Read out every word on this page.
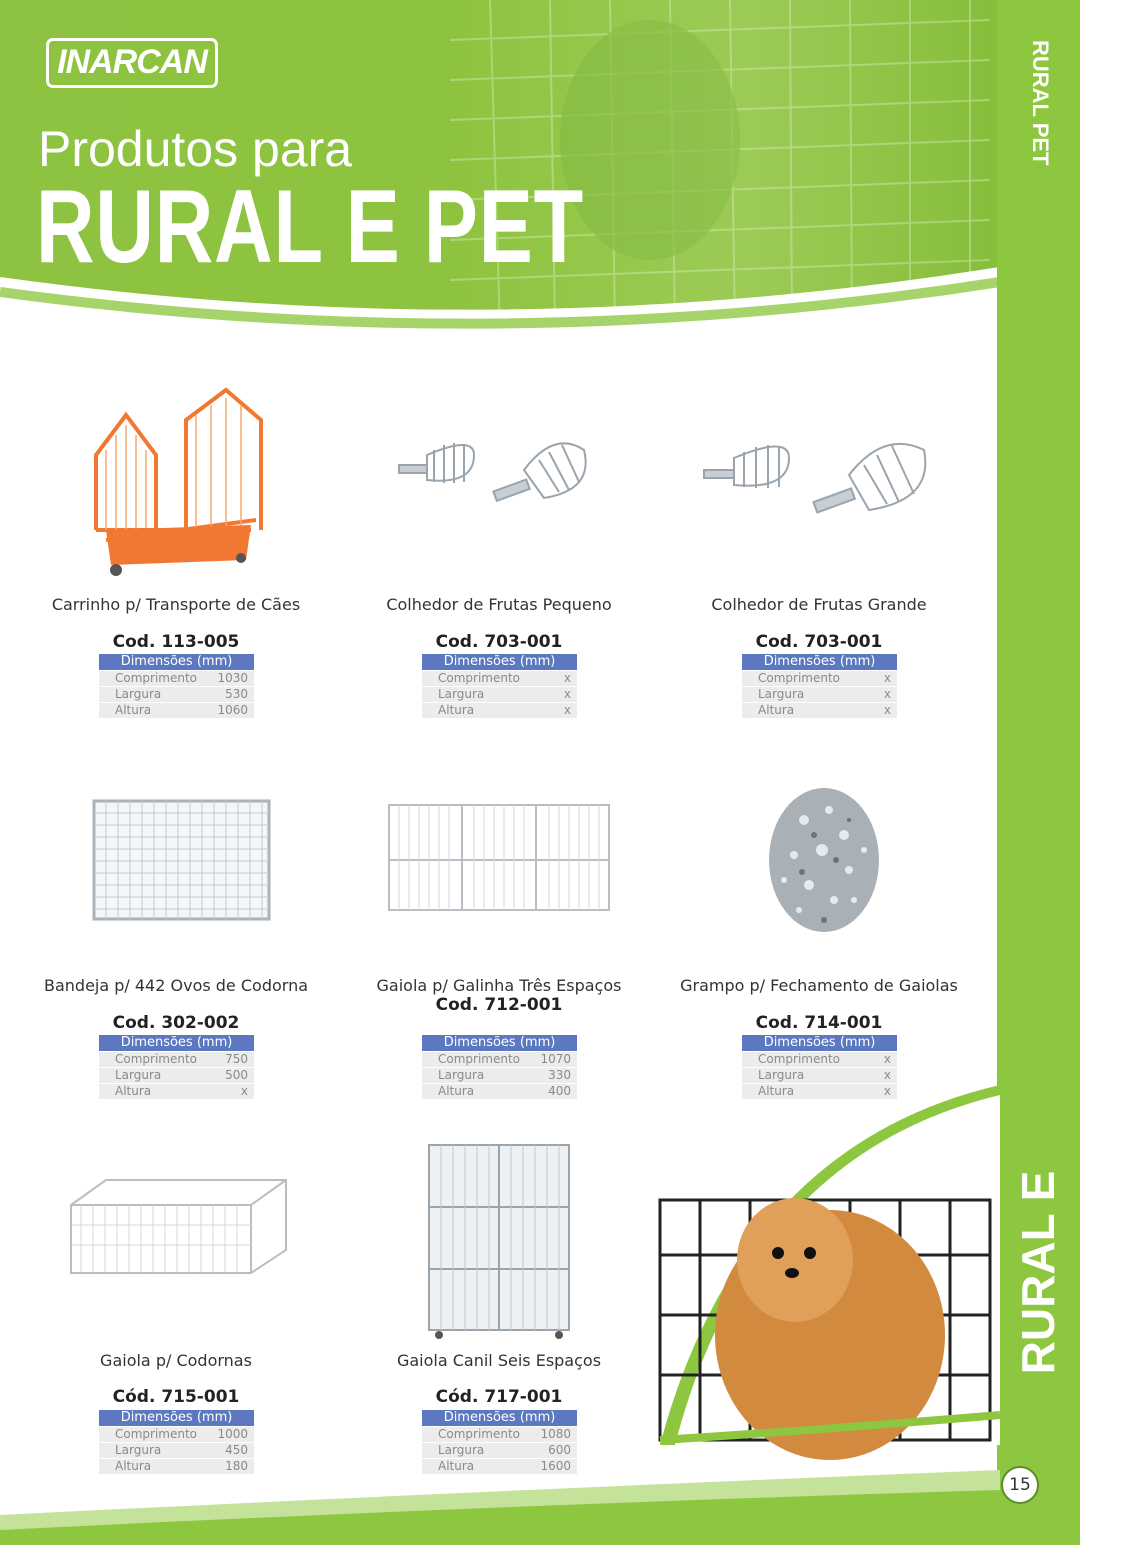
INARCAN
Produtos para
RURAL E PET
RURAL PET
RURAL E PET
15
Carrinho p/ Transporte de Cães
Cod. 113-005
Dimensões (mm)
Comprimento	1030
Largura	530
Altura	1060
Colhedor de Frutas Pequeno
Cod. 703-001
Dimensões (mm)
Comprimento	x
Largura	x
Altura	x
Colhedor de Frutas Grande
Cod. 703-001
Dimensões (mm)
Comprimento	x
Largura	x
Altura	x
Bandeja p/ 442 Ovos de Codorna
Cod. 302-002
Dimensões (mm)
Comprimento	750
Largura	500
Altura	x
Gaiola p/ Galinha Três Espaços
Cod. 712-001
Dimensões (mm)
Comprimento	1070
Largura	330
Altura	400
Grampo p/ Fechamento de Gaiolas
Cod. 714-001
Dimensões (mm)
Comprimento	x
Largura	x
Altura	x
Gaiola p/ Codornas
Cód. 715-001
Dimensões (mm)
Comprimento	1000
Largura	450
Altura	180
Gaiola Canil Seis Espaços
Cód. 717-001
Dimensões (mm)
Comprimento	1080
Largura	600
Altura	1600
